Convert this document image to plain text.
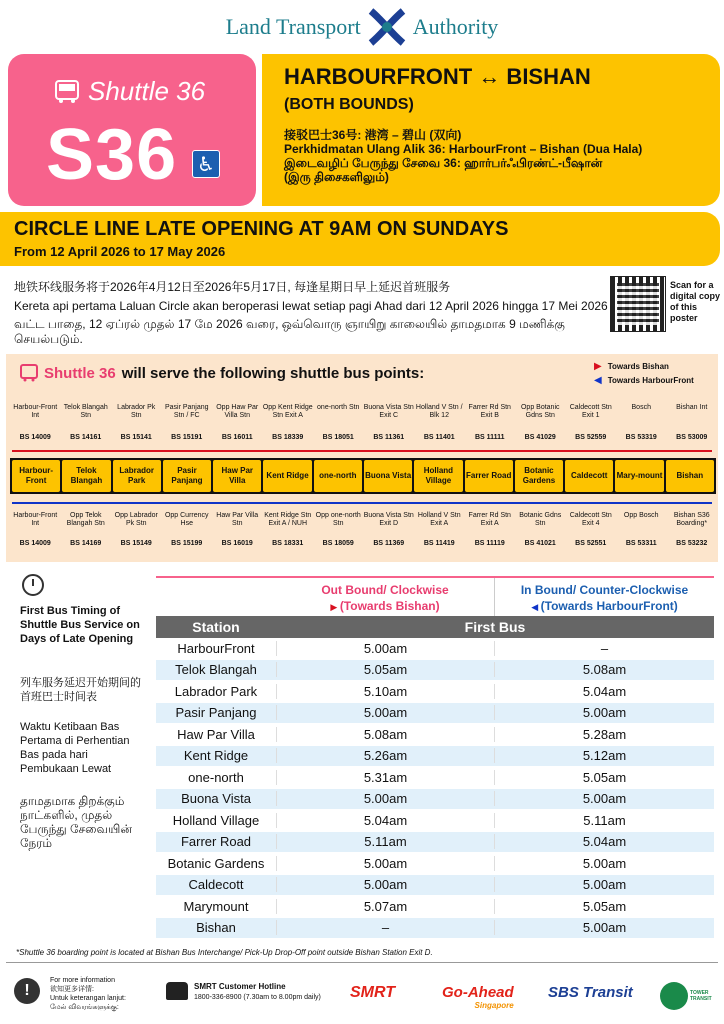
Land Transport Authority
Shuttle 36
S36 ♿
HARBOURFRONT ↔ BISHAN
(BOTH BOUNDS)
接驳巴士36号: 港湾 – 碧山 (双向)
Perkhidmatan Ulang Alik 36: HarbourFront – Bishan (Dua Hala)
இடைவழிப் பேருந்து சேவை 36: ஹார்பர்ஃபிரண்ட்-பீஷான்
(இரு திசைகளிலும்)
CIRCLE LINE LATE OPENING AT 9AM ON SUNDAYS
From 12 April 2026 to 17 May 2026
地铁环线服务将于2026年4月12日至2026年5月17日, 每逢星期日早上延迟首班服务
Kereta api pertama Laluan Circle akan beroperasi lewat setiap pagi Ahad dari 12 April 2026 hingga 17 Mei 2026
வட்ட பாதை, 12 ஏப்ரல் முதல் 17 மே 2026 வரை, ஒவ்வொரு ஞாயிறு காலையில் தாமதமாக 9 மணிக்கு செயல்படும்.
Scan for a digital copy of this poster
Shuttle 36 will serve the following shuttle bus points:	▶ Towards Bishan
◀ Towards HarbourFront
Harbour-Front Int
BS 14009
Telok Blangah Stn
BS 14161
Labrador Pk Stn
BS 15141
Pasir Panjang Stn / FC
BS 15191
Opp Haw Par Villa Stn
BS 16011
Opp Kent Ridge Stn Exit A
BS 18339
one-north Stn
BS 18051
Buona Vista Stn Exit C
BS 11361
Holland V Stn / Blk 12
BS 11401
Farrer Rd Stn Exit B
BS 11111
Opp Botanic Gdns Stn
BS 41029
Caldecott Stn Exit 1
BS 52559
Bosch
BS 53319
Bishan Int
BS 53009
Harbour-Front
Telok Blangah
Labrador Park
Pasir Panjang
Haw Par Villa
Kent Ridge	one-north	Buona Vista
Holland Village
Farrer Road
Botanic Gardens
Caldecott	Mary-mount	Bishan
Harbour-Front Int
BS 14009
Opp Telok Blangah Stn
BS 14169
Opp Labrador Pk Stn
BS 15149
Opp Currency Hse
BS 15199
Haw Par Villa Stn
BS 16019
Kent Ridge Stn Exit A / NUH
BS 18331
Opp one-north Stn
BS 18059
Buona Vista Stn Exit D
BS 11369
Holland V Stn Exit A
BS 11419
Farrer Rd Stn Exit A
BS 11119
Botanic Gdns Stn
BS 41021
Caldecott Stn Exit 4
BS 52551
Opp Bosch
BS 53311
Bishan S36 Boarding*
BS 53232
First Bus Timing of Shuttle Bus Service on Days of Late Opening
列车服务延迟开始期间的首班巴士时间表
Waktu Ketibaan Bas Pertama di Perhentian Bas pada hari Pembukaan Lewat
தாமதமாக திறக்கும் நாட்களில், முதல் பேருந்து சேவையின் நேரம்
Out Bound/ Clockwise
▶ (Towards Bishan)
In Bound/ Counter-Clockwise
◀ (Towards HarbourFront)
Station	First Bus
HarbourFront	5.00am	–
Telok Blangah	5.05am	5.08am
Labrador Park	5.10am	5.04am
Pasir Panjang	5.00am	5.00am
Haw Par Villa	5.08am	5.28am
Kent Ridge	5.26am	5.12am
one-north	5.31am	5.05am
Buona Vista	5.00am	5.00am
Holland Village	5.04am	5.11am
Farrer Road	5.11am	5.04am
Botanic Gardens	5.00am	5.00am
Caldecott	5.00am	5.00am
Marymount	5.07am	5.05am
Bishan	–	5.00am
*Shuttle 36 boarding point is located at Bishan Bus Interchange/ Pick-Up Drop-Off point outside Bishan Station Exit D.
!
For more information
欲知更多详情:
Untuk keterangan lanjut:
மேல் விவரங்களுக்கு:
SMRT Customer Hotline
1800-336-8900 (7.30am to 8.00pm daily) SMRT	Go-Ahead
Singapore
SBS Transit	TOWER TRANSIT
